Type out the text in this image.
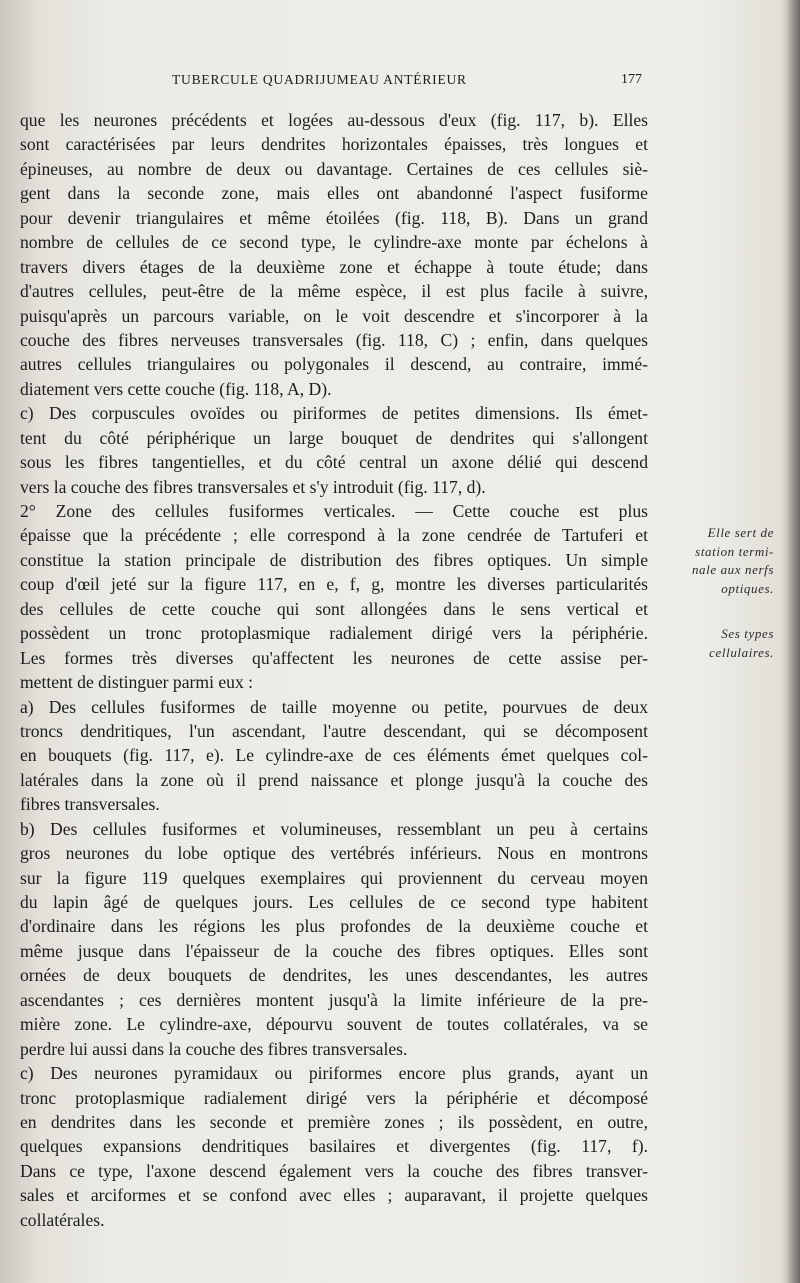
TUBERCULE QUADRIJUMEAU ANTÉRIEUR	177
que les neurones précédents et logées au-dessous d'eux (fig. 117, b). Elles
sont caractérisées par leurs dendrites horizontales épaisses, très longues et
épineuses, au nombre de deux ou davantage. Certaines de ces cellules siè-
gent dans la seconde zone, mais elles ont abandonné l'aspect fusiforme
pour devenir triangulaires et même étoilées (fig. 118, B). Dans un grand
nombre de cellules de ce second type, le cylindre-axe monte par échelons à
travers divers étages de la deuxième zone et échappe à toute étude; dans
d'autres cellules, peut-être de la même espèce, il est plus facile à suivre,
puisqu'après un parcours variable, on le voit descendre et s'incorporer à la
couche des fibres nerveuses transversales (fig. 118, C) ; enfin, dans quelques
autres cellules triangulaires ou polygonales il descend, au contraire, immé-
diatement vers cette couche (fig. 118, A, D).
c) Des corpuscules ovoïdes ou piriformes de petites dimensions. Ils émet-
tent du côté périphérique un large bouquet de dendrites qui s'allongent
sous les fibres tangentielles, et du côté central un axone délié qui descend
vers la couche des fibres transversales et s'y introduit (fig. 117, d).
2° Zone des cellules fusiformes verticales. — Cette couche est plus
épaisse que la précédente ; elle correspond à la zone cendrée de Tartuferi et
constitue la station principale de distribution des fibres optiques. Un simple
coup d'œil jeté sur la figure 117, en e, f, g, montre les diverses particularités
des cellules de cette couche qui sont allongées dans le sens vertical et
possèdent un tronc protoplasmique radialement dirigé vers la périphérie.
Les formes très diverses qu'affectent les neurones de cette assise per-
mettent de distinguer parmi eux :
a) Des cellules fusiformes de taille moyenne ou petite, pourvues de deux
troncs dendritiques, l'un ascendant, l'autre descendant, qui se décomposent
en bouquets (fig. 117, e). Le cylindre-axe de ces éléments émet quelques col-
latérales dans la zone où il prend naissance et plonge jusqu'à la couche des
fibres transversales.
b) Des cellules fusiformes et volumineuses, ressemblant un peu à certains
gros neurones du lobe optique des vertébrés inférieurs. Nous en montrons
sur la figure 119 quelques exemplaires qui proviennent du cerveau moyen
du lapin âgé de quelques jours. Les cellules de ce second type habitent
d'ordinaire dans les régions les plus profondes de la deuxième couche et
même jusque dans l'épaisseur de la couche des fibres optiques. Elles sont
ornées de deux bouquets de dendrites, les unes descendantes, les autres
ascendantes ; ces dernières montent jusqu'à la limite inférieure de la pre-
mière zone. Le cylindre-axe, dépourvu souvent de toutes collatérales, va se
perdre lui aussi dans la couche des fibres transversales.
c) Des neurones pyramidaux ou piriformes encore plus grands, ayant un
tronc protoplasmique radialement dirigé vers la périphérie et décomposé
en dendrites dans les seconde et première zones ; ils possèdent, en outre,
quelques expansions dendritiques basilaires et divergentes (fig. 117, f).
Dans ce type, l'axone descend également vers la couche des fibres transver-
sales et arciformes et se confond avec elles ; auparavant, il projette quelques
collatérales.
Elle sert de
station termi-
nale aux nerfs
optiques.
Ses types
cellulaires.
